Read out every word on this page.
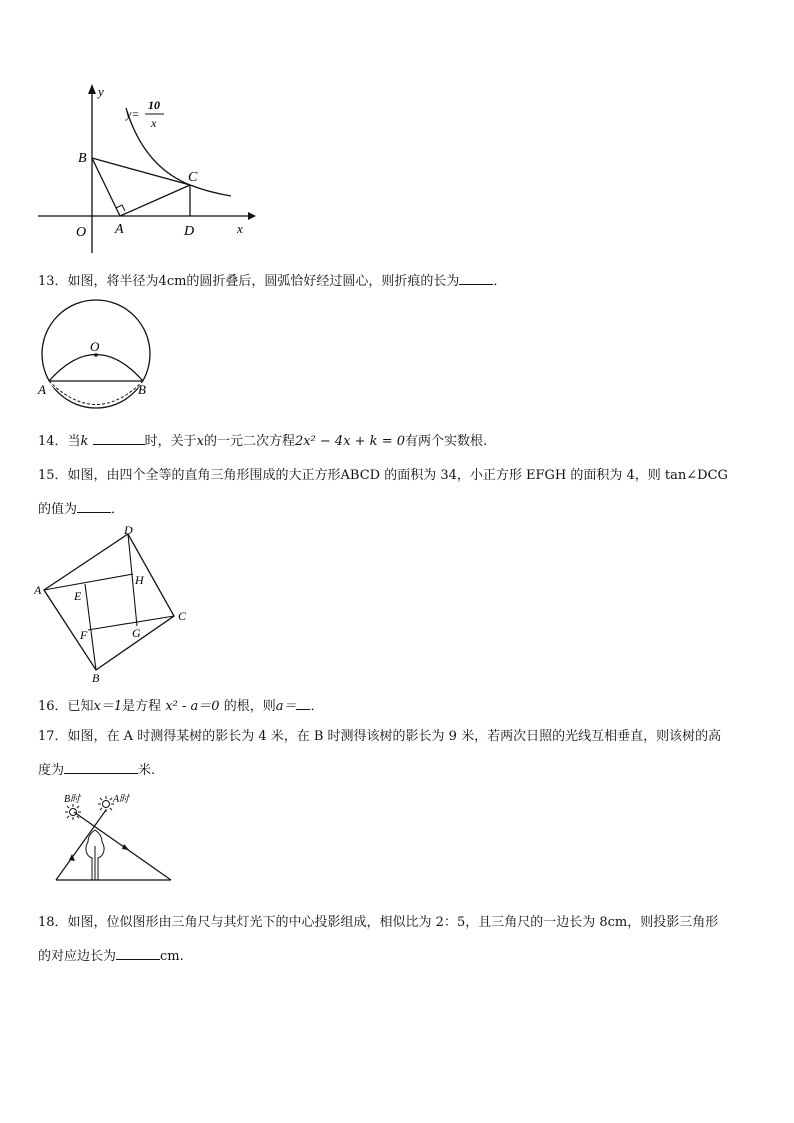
y
x
O
y=
10
x
B
A
C
D
13．如图，将半径为4cm的圆折叠后，圆弧恰好经过圆心，则折痕的长为	．
O
A	B
14．当k	时，关于x的一元二次方程2x² − 4x + k = 0有两个实数根.
15．如图，由四个全等的直角三角形围成的大正方形ABCD 的面积为 34，小正方形 EFGH 的面积为 4，则 tan∠DCG
的值为	．
A
D
C
B
E
H
F	G
16．已知x＝1是方程 x² - a＝0 的根，则a＝ ．
17．如图，在 A 时测得某树的影长为 4 米，在 B 时测得该树的影长为 9 米，若两次日照的光线互相垂直，则该树的高
度为	米.
B时	A时
18．如图，位似图形由三角尺与其灯光下的中心投影组成，相似比为 2：5，且三角尺的一边长为 8cm，则投影三角形
的对应边长为	cm.
